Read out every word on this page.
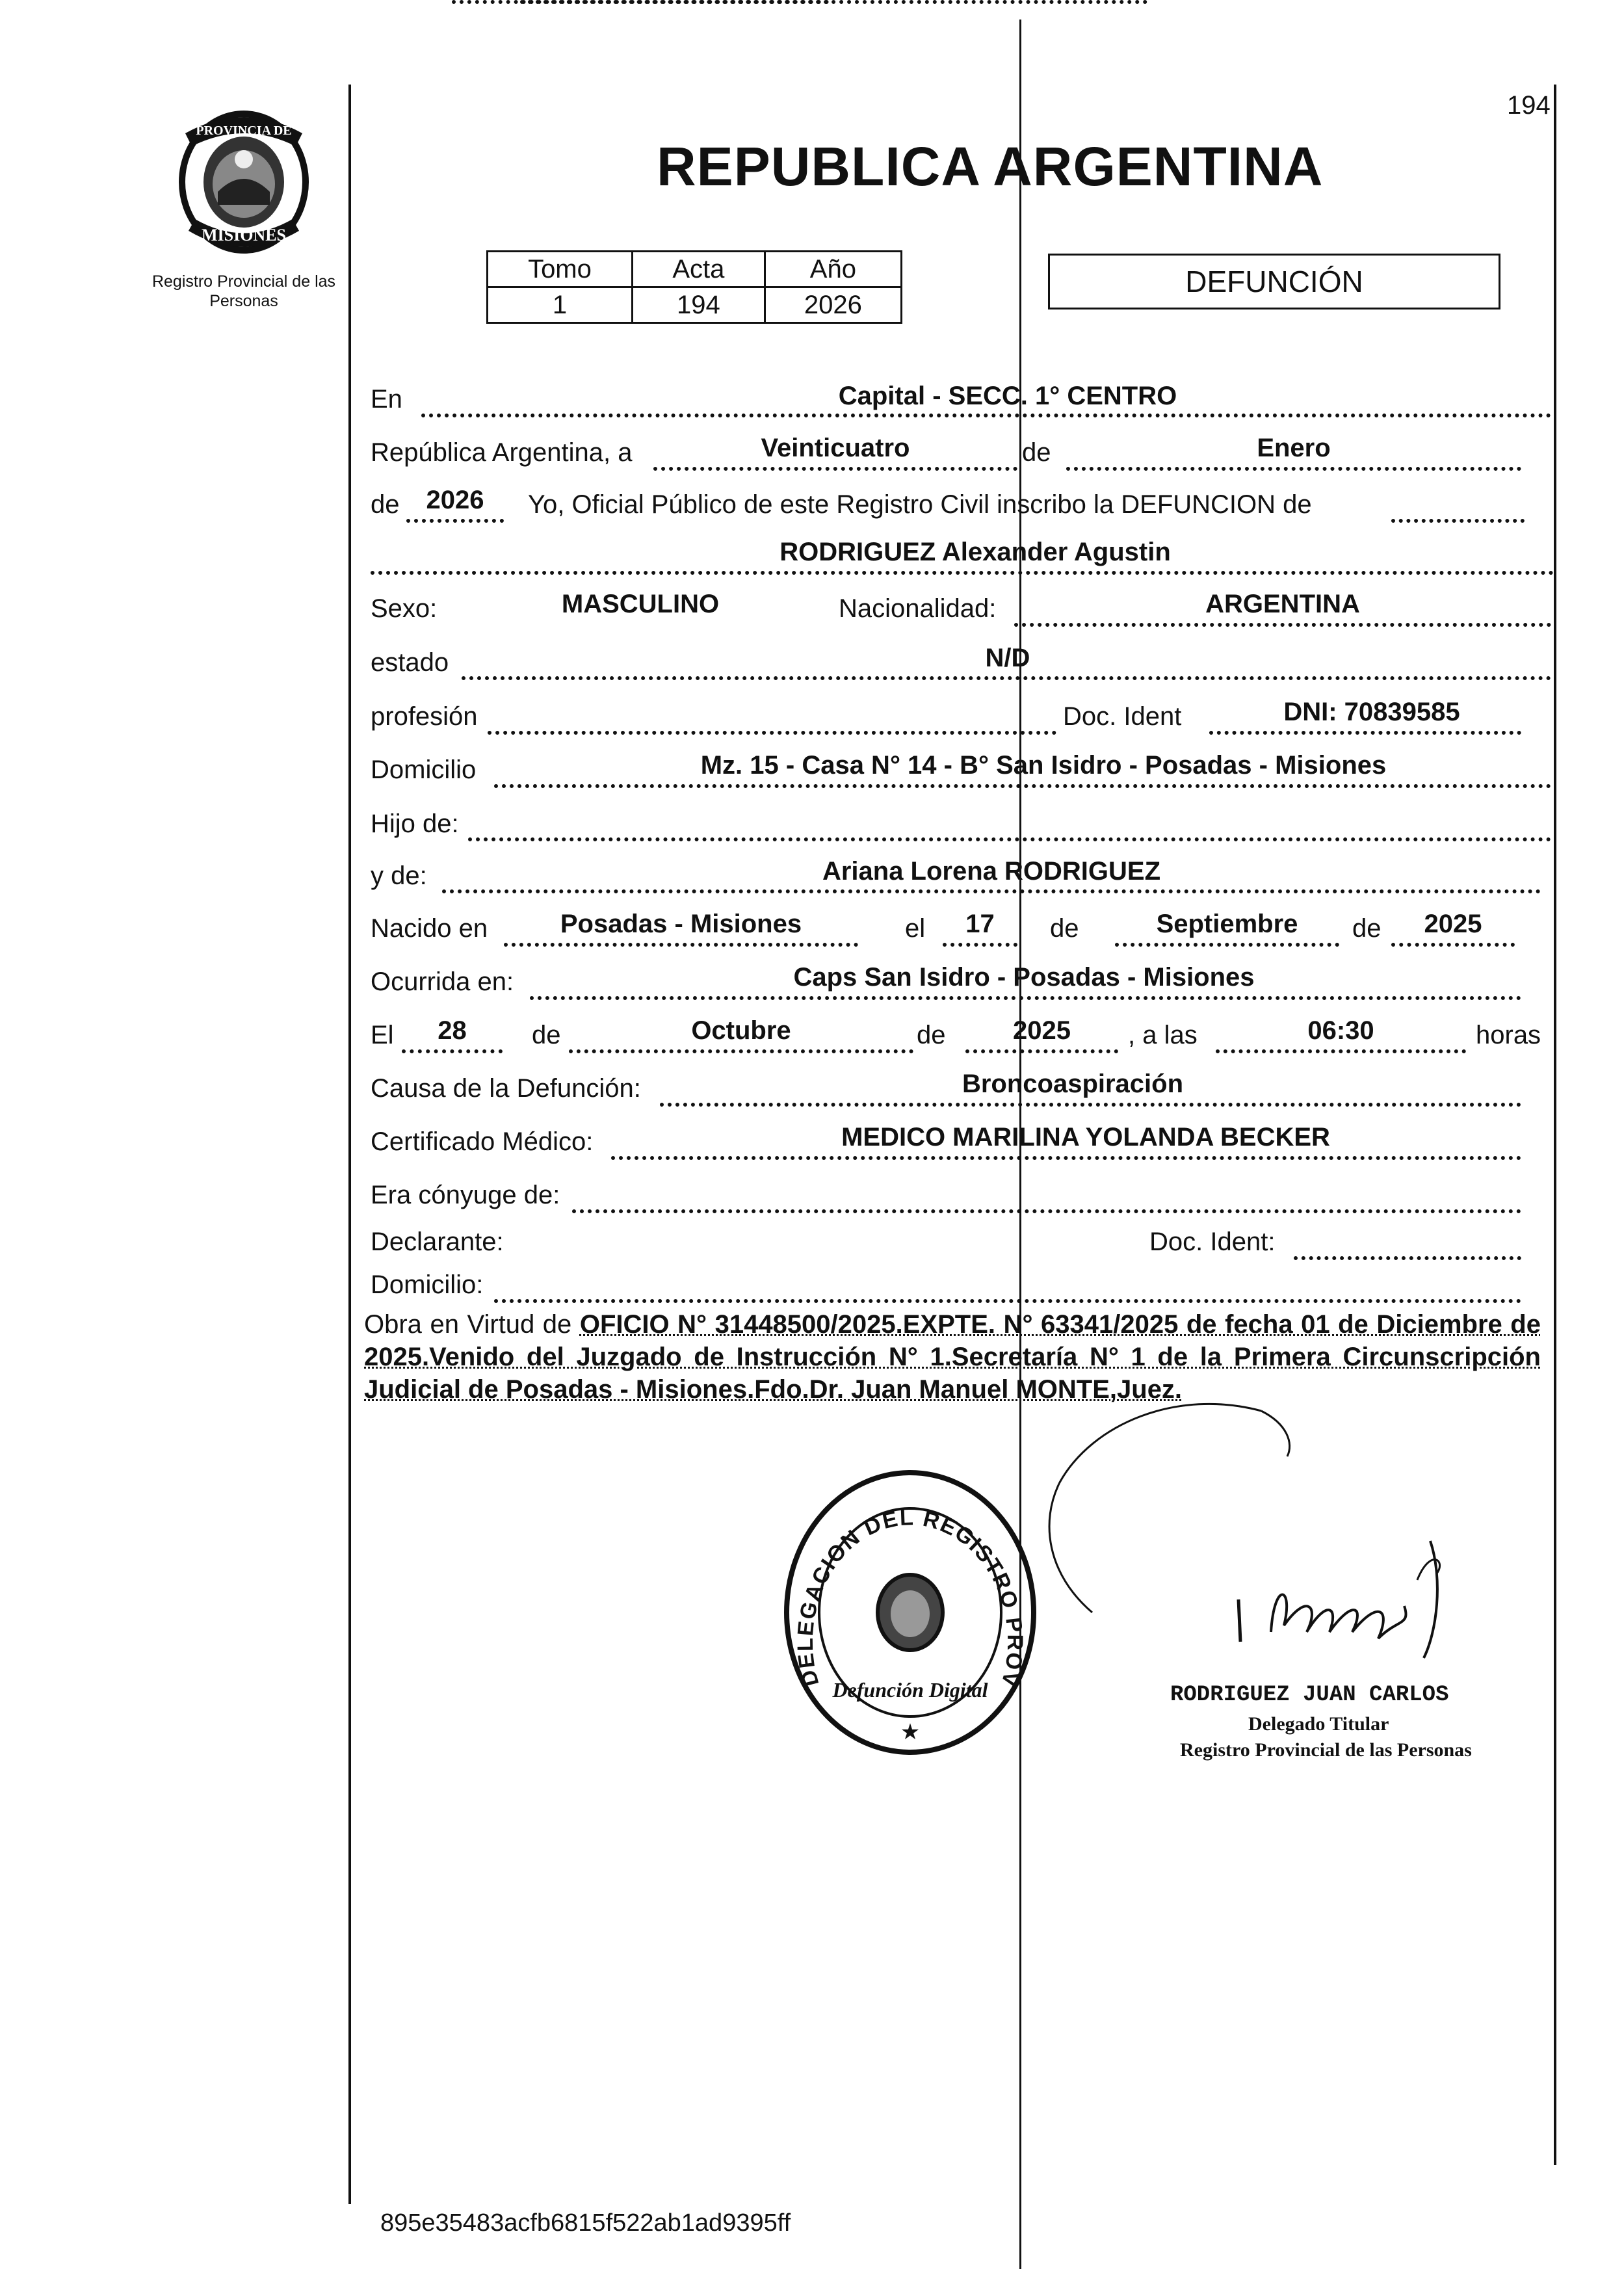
PROVINCIA DE
MISIONES
Registro Provincial de las Personas
194
REPUBLICA ARGENTINA
Tomo	Acta	Año
1	194	2026
DEFUNCIÓN
En	Capital - SECC. 1° CENTRO
República Argentina, a	Veinticuatro	de	Enero
de	2026	Yo, Oficial Público de este Registro Civil inscribo la DEFUNCION de
RODRIGUEZ Alexander Agustin
Sexo:	MASCULINO	Nacionalidad:	ARGENTINA
estado	N/D
profesión	Doc. Ident	DNI: 70839585
Domicilio	Mz. 15 - Casa N° 14 - B° San Isidro - Posadas - Misiones
Hijo de:
y de:	Ariana Lorena RODRIGUEZ
Nacido en	Posadas - Misiones	el	17	de	Septiembre	de	2025
Ocurrida en:	Caps San Isidro - Posadas - Misiones
El	28	de	Octubre	de	2025	, a las	06:30	horas
Causa de la Defunción:	Broncoaspiración
Certificado Médico:	MEDICO MARILINA YOLANDA BECKER
Era cónyuge de:
Declarante:	Doc. Ident:
Domicilio:
Obra en Virtud de OFICIO N° 31448500/2025.EXPTE. N° 63341/2025 de fecha 01 de Diciembre de 2025.Venido del Juzgado de Instrucción N° 1.Secretaría N° 1 de la Primera Circunscripción Judicial de Posadas - Misiones.Fdo.Dr. Juan Manuel MONTE,Juez.
DELEGACION DEL REGISTRO PROV
Defunción Digital
★
RODRIGUEZ JUAN CARLOS
Delegado Titular
Registro Provincial de las Personas
895e35483acfb6815f522ab1ad9395ff
